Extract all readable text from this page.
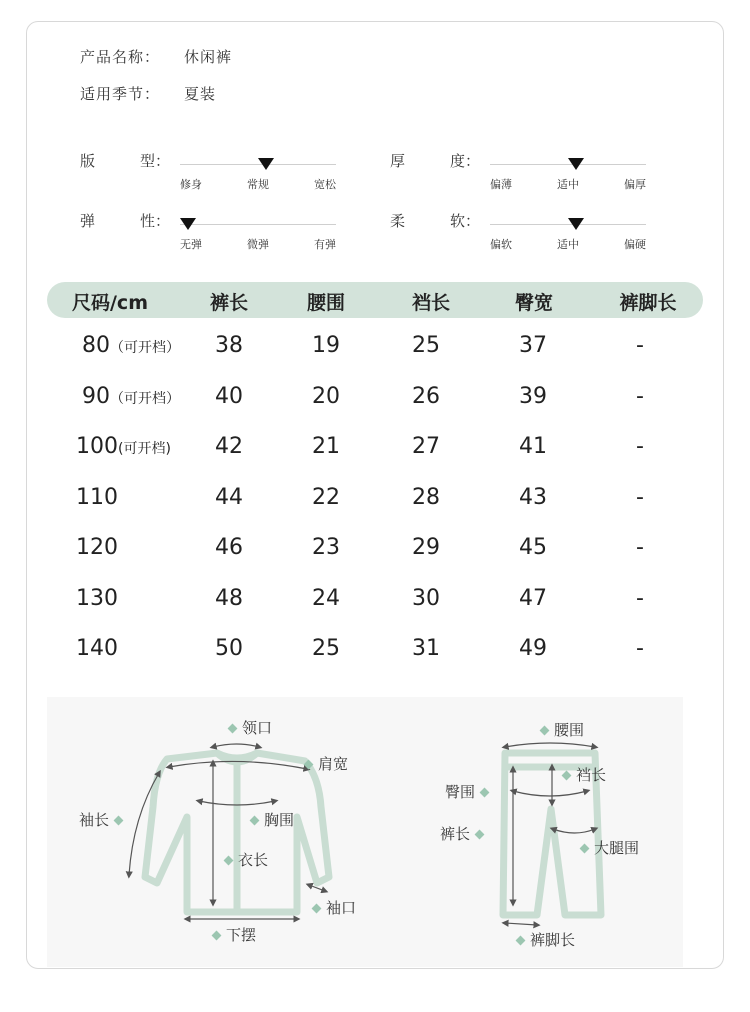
产品名称：	休闲裤
适用季节：	夏装
版	型：
修身	常规	宽松
厚	度：
偏薄	适中	偏厚
弹	性：
无弹	微弹	有弹
柔	软：
偏软	适中	偏硬
尺码/cm	裤长	腰围	裆长	臀宽	裤脚长
80（可开档） 38	19	25	37	-
90（可开档） 40	20	26	39	-
100(可开档) 42	21	27	41	-
110	44	22	28	43	-
120	46	23	29	45	-
130	48	24	30	47	-
140	50	25	31	49	-
领口
肩宽
袖长	胸围
衣长
袖口
下摆
腰围
裆长
臀围
裤长
大腿围
裤脚长
